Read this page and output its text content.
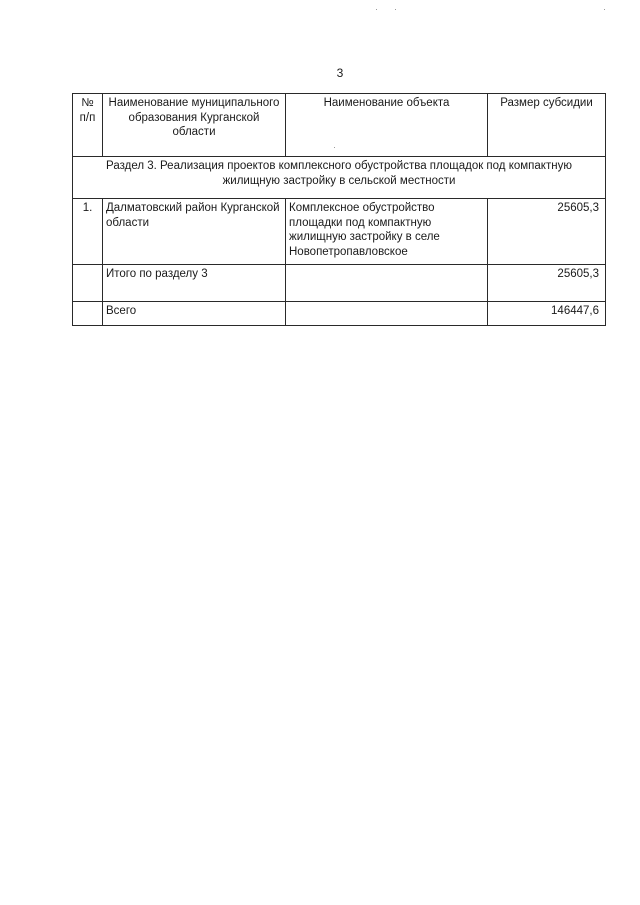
3
№ п/п	Наименование муниципального образования Курганской области	Наименование объекта	Размер субсидии
Раздел 3. Реализация проектов комплексного обустройства площадок под компактную жилищную застройку в сельской местности			
1.	Далматовский район Курганской области	Комплексное обустройство площадки под компактную жилищную застройку в селе Новопетропавловское	25605,3
	Итого по разделу 3		25605,3
	Всего		146447,6
